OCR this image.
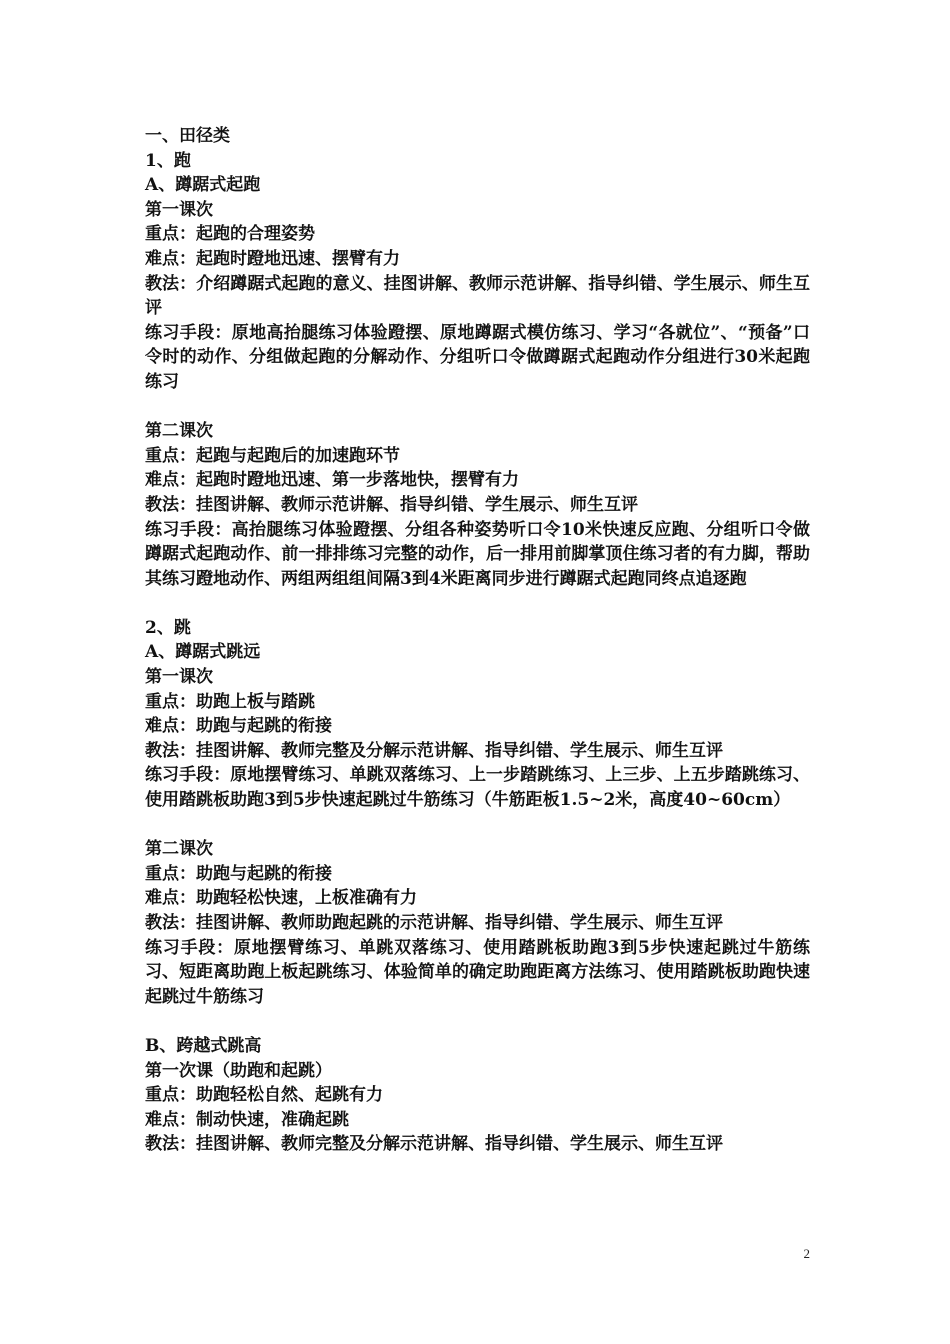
一、田径类

1、跑

A、蹲踞式起跑

第一课次

重点：起跑的合理姿势

难点：起跑时蹬地迅速、摆臂有力

教法：介绍蹲踞式起跑的意义、挂图讲解、教师示范讲解、指导纠错、学生展示、师生互评

练习手段：原地高抬腿练习体验蹬摆、原地蹲踞式模仿练习、学习“各就位”、“预备”口令时的动作、分组做起跑的分解动作、分组听口令做蹲踞式起跑动作分组进行30米起跑练习

第二课次

重点：起跑与起跑后的加速跑环节

难点：起跑时蹬地迅速、第一步落地快，摆臂有力

教法：挂图讲解、教师示范讲解、指导纠错、学生展示、师生互评

练习手段：高抬腿练习体验蹬摆、分组各种姿势听口令10米快速反应跑、分组听口令做蹲踞式起跑动作、前一排排练习完整的动作，后一排用前脚掌顶住练习者的有力脚，帮助其练习蹬地动作、两组两组组间隔3到4米距离同步进行蹲踞式起跑同终点追逐跑

2、跳

A、蹲踞式跳远

第一课次

重点：助跑上板与踏跳

难点：助跑与起跳的衔接

教法：挂图讲解、教师完整及分解示范讲解、指导纠错、学生展示、师生互评

练习手段：原地摆臂练习、单跳双落练习、上一步踏跳练习、上三步、上五步踏跳练习、使用踏跳板助跑3到5步快速起跳过牛筋练习（牛筋距板1.5~2米，高度40~60cm）

第二课次

重点：助跑与起跳的衔接

难点：助跑轻松快速，上板准确有力

教法：挂图讲解、教师助跑起跳的示范讲解、指导纠错、学生展示、师生互评

练习手段：原地摆臂练习、单跳双落练习、使用踏跳板助跑3到5步快速起跳过牛筋练习、短距离助跑上板起跳练习、体验简单的确定助跑距离方法练习、使用踏跳板助跑快速起跳过牛筋练习

B、跨越式跳高

第一次课（助跑和起跳）

重点：助跑轻松自然、起跳有力

难点：制动快速，准确起跳

教法：挂图讲解、教师完整及分解示范讲解、指导纠错、学生展示、师生互评

2
